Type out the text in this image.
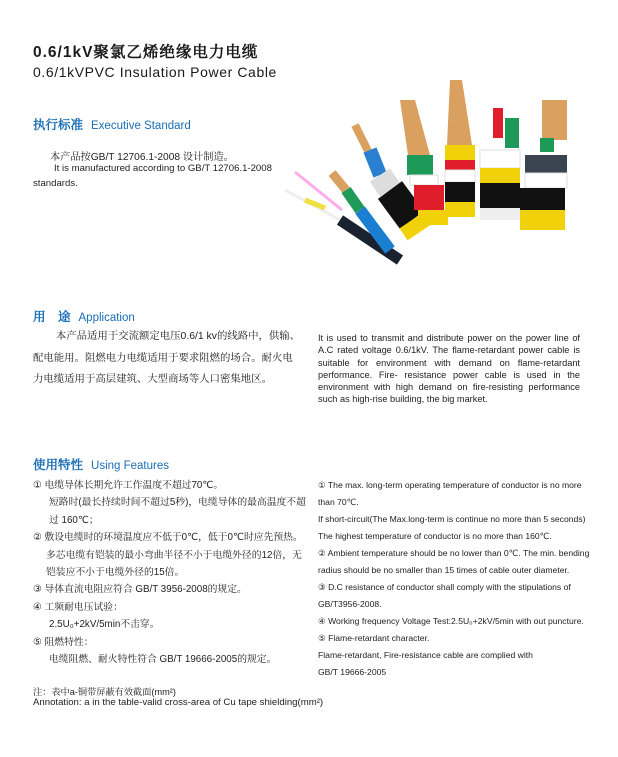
0.6/1kV聚氯乙烯绝缘电力电缆
0.6/1kVPVC Insulation Power Cable
执行标准 Executive Standard
本产品按GB/T 12706.1-2008 设计制造。
It is manufactured according to GB/T 12706.1-2008
standards.
用　途 Application
本产品适用于交流额定电压0.6/1 kv的线路中，供输、配电能用。阻燃电力电缆适用于要求阻燃的场合。耐火电力电缆适用于高层建筑、大型商场等人口密集地区。
It is used to transmit and distribute power on the power line of A.C rated voltage 0.6/1kV. The flame-retardant power cable is suitable for environment with demand on flame-retardant performance. Fire- resistance power cable is used in the environment with high demand on fire-resisting performance such as high-rise building, the big market.
使用特性 Using Features
① 电缆导体长期允许工作温度不超过70℃。
短路时(最长持续时间不超过5秒)，电缆导体的最高温度不超
过 160℃；
② 敷设电缆时的环境温度应不低于0℃，低于0℃时应先预热。
多芯电缆有铠装的最小弯曲半径不小于电缆外径的12倍，无
铠装应不小于电缆外径的15倍。
③ 导体直流电阻应符合 GB/T 3956-2008的规定。
④ 工频耐电压试验：
2.5U₀+2kV/5min不击穿。
⑤ 阻燃特性：
电缆阻燃、耐火特性符合 GB/T 19666-2005的规定。
① The max. long-term operating temperature of conductor is no more
than 70℃.
If short-circuit(The Max.long-term is continue no more than 5 seconds)
The highest temperature of conductor is no more than 160℃.
② Ambient temperature should be no lower than 0℃. The min. bending
radius should be no smaller than 15 times of cable outer diameter.
③ D.C resistance of conductor shall comply with the stipulations of
GB/T3956-2008.
④ Working frequency Voltage Test:2.5U₀+2kV/5min with out puncture.
⑤ Flame-retardant character.
Flame-retardant, Fire-resistance cable are complied with
GB/T 19666-2005
注：表中a-铜带屏蔽有效截面(mm²)
Annotation: a in the table-valid cross-area of Cu tape shielding(mm²)
